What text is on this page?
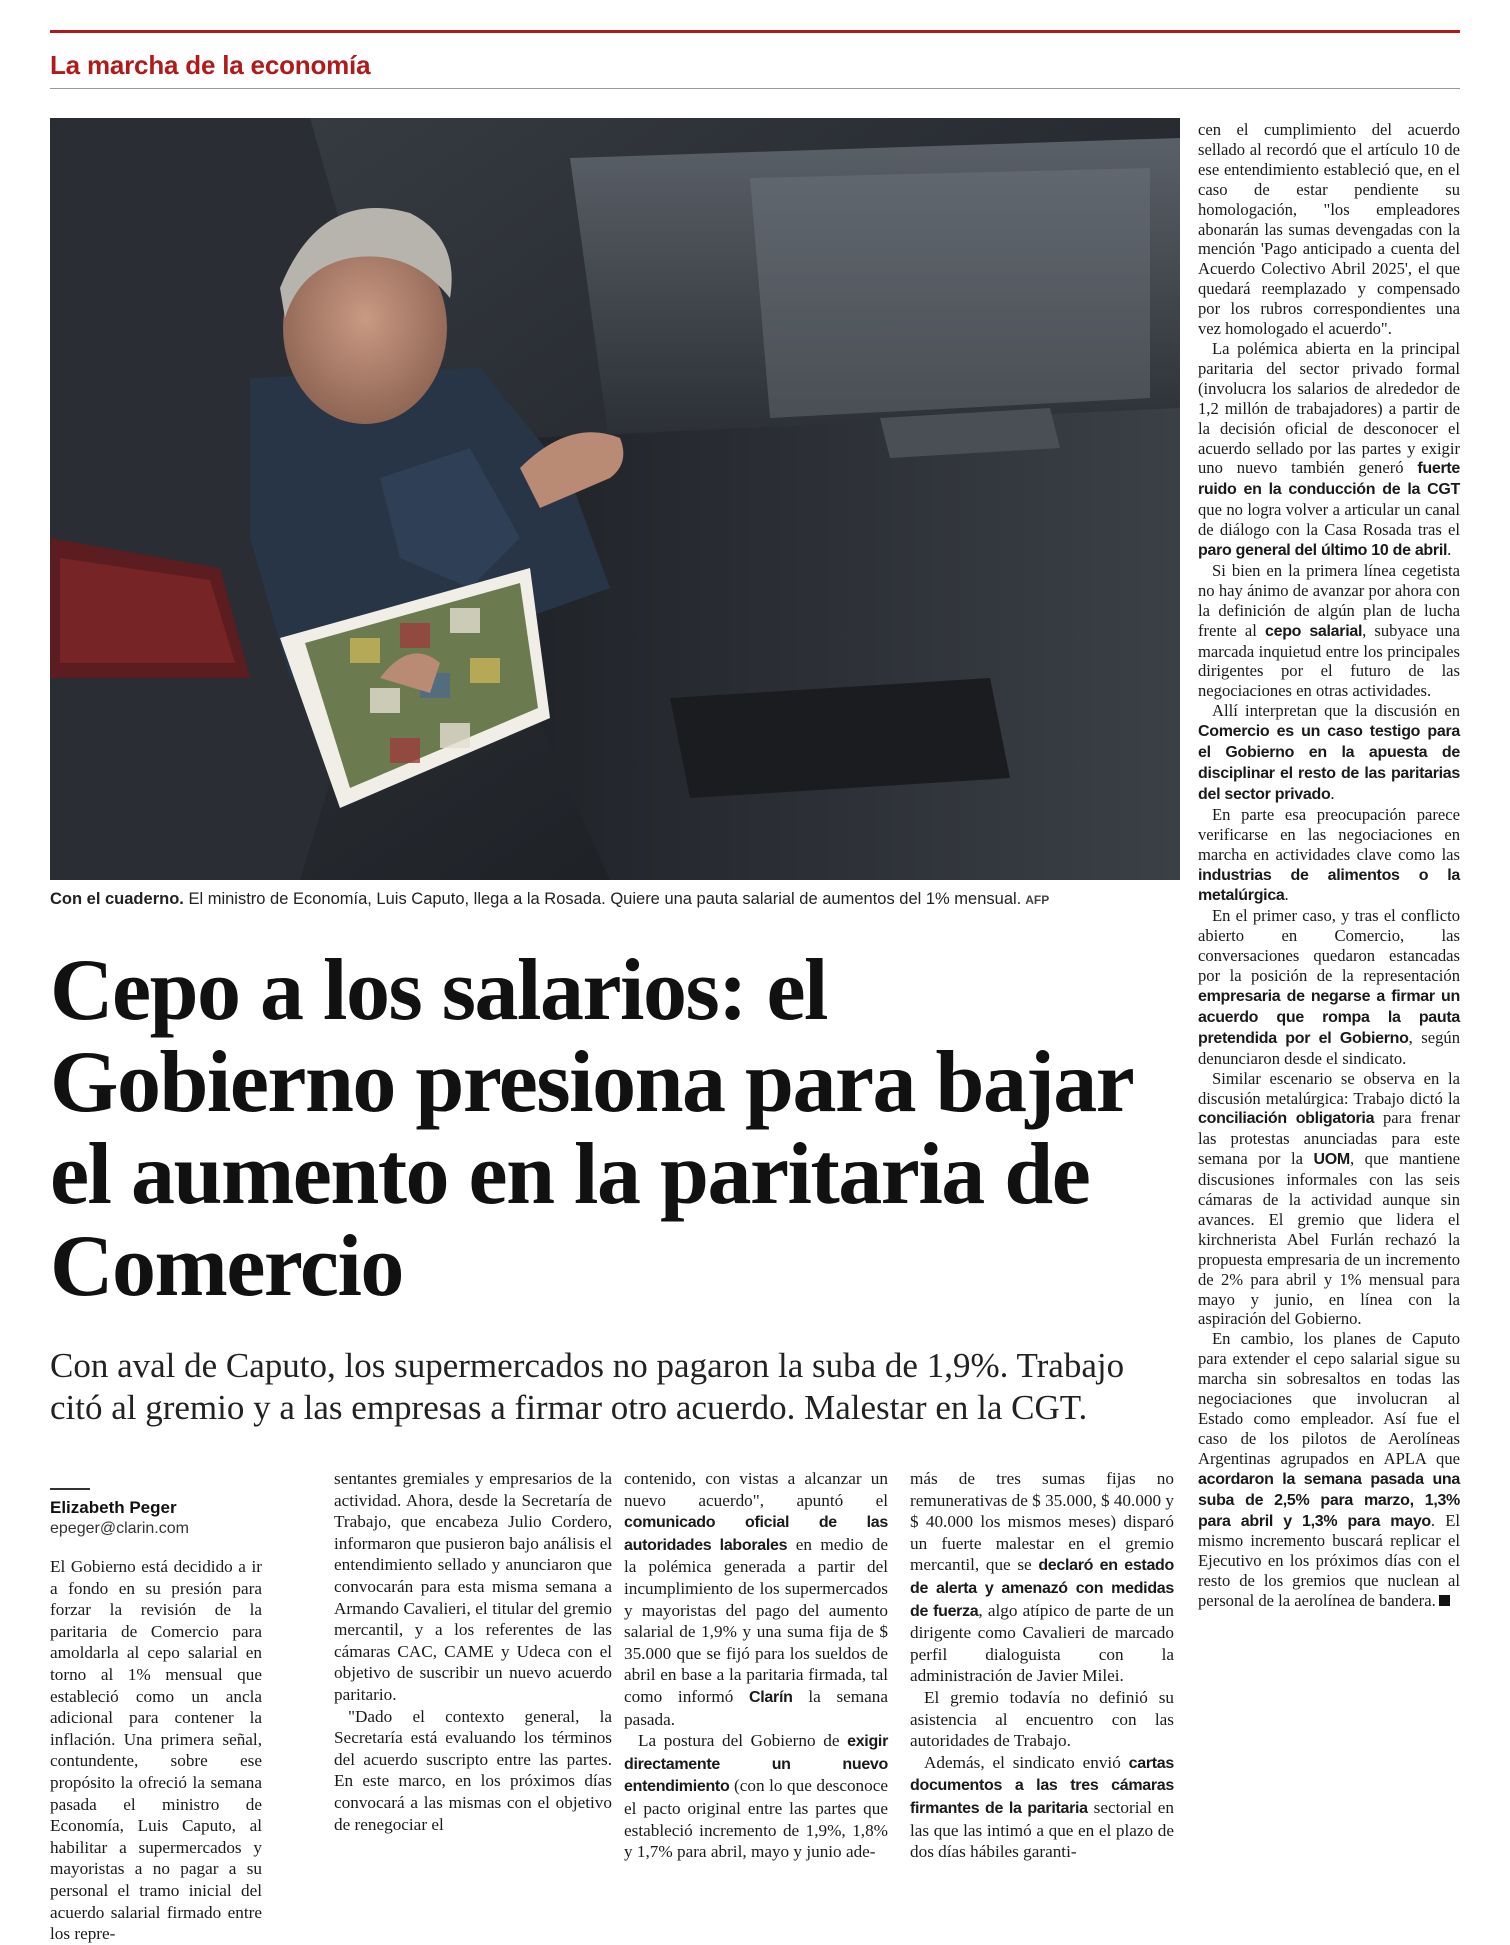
La marcha de la economía
Con el cuaderno. El ministro de Economía, Luis Caputo, llega a la Rosada. Quiere una pauta salarial de aumentos del 1% mensual. AFP
Cepo a los salarios: el Gobierno presiona para bajar el aumento en la paritaria de Comercio

Con aval de Caputo, los supermercados no pagaron la suba de 1,9%. Trabajo citó al gremio y a las empresas a firmar otro acuerdo. Malestar en la CGT.

Elizabeth Peger
epeger@clarin.com

El Gobierno está decidido a ir a fondo en su presión para forzar la revisión de la paritaria de Comercio para amoldarla al cepo salarial en torno al 1% mensual que estableció como un ancla adicional para contener la inflación. Una primera señal, contundente, sobre ese propósito la ofreció la semana pasada el ministro de Economía, Luis Caputo, al habilitar a supermercados y mayoristas a no pagar a su personal el tramo inicial del acuerdo salarial firmado entre los repre-

sentantes gremiales y empresarios de la actividad. Ahora, desde la Secretaría de Trabajo, que encabeza Julio Cordero, informaron que pusieron bajo análisis el entendimiento sellado y anunciaron que convocarán para esta misma semana a Armando Cavalieri, el titular del gremio mercantil, y a los referentes de las cámaras CAC, CAME y Udeca con el objetivo de suscribir un nuevo acuerdo paritario.

"Dado el contexto general, la Secretaría está evaluando los términos del acuerdo suscripto entre las partes. En este marco, en los próximos días convocará a las mismas con el objetivo de renegociar el

contenido, con vistas a alcanzar un nuevo acuerdo", apuntó el comunicado oficial de las autoridades laborales en medio de la polémica generada a partir del incumplimiento de los supermercados y mayoristas del pago del aumento salarial de 1,9% y una suma fija de $ 35.000 que se fijó para los sueldos de abril en base a la paritaria firmada, tal como informó Clarín la semana pasada.

La postura del Gobierno de exigir directamente un nuevo entendimiento (con lo que desconoce el pacto original entre las partes que estableció incremento de 1,9%, 1,8% y 1,7% para abril, mayo y junio ade-

más de tres sumas fijas no remunerativas de $ 35.000, $ 40.000 y $ 40.000 los mismos meses) disparó un fuerte malestar en el gremio mercantil, que se declaró en estado de alerta y amenazó con medidas de fuerza, algo atípico de parte de un dirigente como Cavalieri de marcado perfil dialoguista con la administración de Javier Milei.

El gremio todavía no definió su asistencia al encuentro con las autoridades de Trabajo.

Además, el sindicato envió cartas documentos a las tres cámaras firmantes de la paritaria sectorial en las que las intimó a que en el plazo de dos días hábiles garanti-

cen el cumplimiento del acuerdo sellado al recordó que el artículo 10 de ese entendimiento estableció que, en el caso de estar pendiente su homologación, "los empleadores abonarán las sumas devengadas con la mención 'Pago anticipado a cuenta del Acuerdo Colectivo Abril 2025', el que quedará reemplazado y compensado por los rubros correspondientes una vez homologado el acuerdo".

La polémica abierta en la principal paritaria del sector privado formal (involucra los salarios de alrededor de 1,2 millón de trabajadores) a partir de la decisión oficial de desconocer el acuerdo sellado por las partes y exigir uno nuevo también generó fuerte ruido en la conducción de la CGT que no logra volver a articular un canal de diálogo con la Casa Rosada tras el paro general del último 10 de abril.

Si bien en la primera línea cegetista no hay ánimo de avanzar por ahora con la definición de algún plan de lucha frente al cepo salarial, subyace una marcada inquietud entre los principales dirigentes por el futuro de las negociaciones en otras actividades.

Allí interpretan que la discusión en Comercio es un caso testigo para el Gobierno en la apuesta de disciplinar el resto de las paritarias del sector privado.

En parte esa preocupación parece verificarse en las negociaciones en marcha en actividades clave como las industrias de alimentos o la metalúrgica.

En el primer caso, y tras el conflicto abierto en Comercio, las conversaciones quedaron estancadas por la posición de la representación empresaria de negarse a firmar un acuerdo que rompa la pauta pretendida por el Gobierno, según denunciaron desde el sindicato.

Similar escenario se observa en la discusión metalúrgica: Trabajo dictó la conciliación obligatoria para frenar las protestas anunciadas para este semana por la UOM, que mantiene discusiones informales con las seis cámaras de la actividad aunque sin avances. El gremio que lidera el kirchnerista Abel Furlán rechazó la propuesta empresaria de un incremento de 2% para abril y 1% mensual para mayo y junio, en línea con la aspiración del Gobierno.

En cambio, los planes de Caputo para extender el cepo salarial sigue su marcha sin sobresaltos en todas las negociaciones que involucran al Estado como empleador. Así fue el caso de los pilotos de Aerolíneas Argentinas agrupados en APLA que acordaron la semana pasada una suba de 2,5% para marzo, 1,3% para abril y 1,3% para mayo. El mismo incremento buscará replicar el Ejecutivo en los próximos días con el resto de los gremios que nuclean al personal de la aerolínea de bandera.
